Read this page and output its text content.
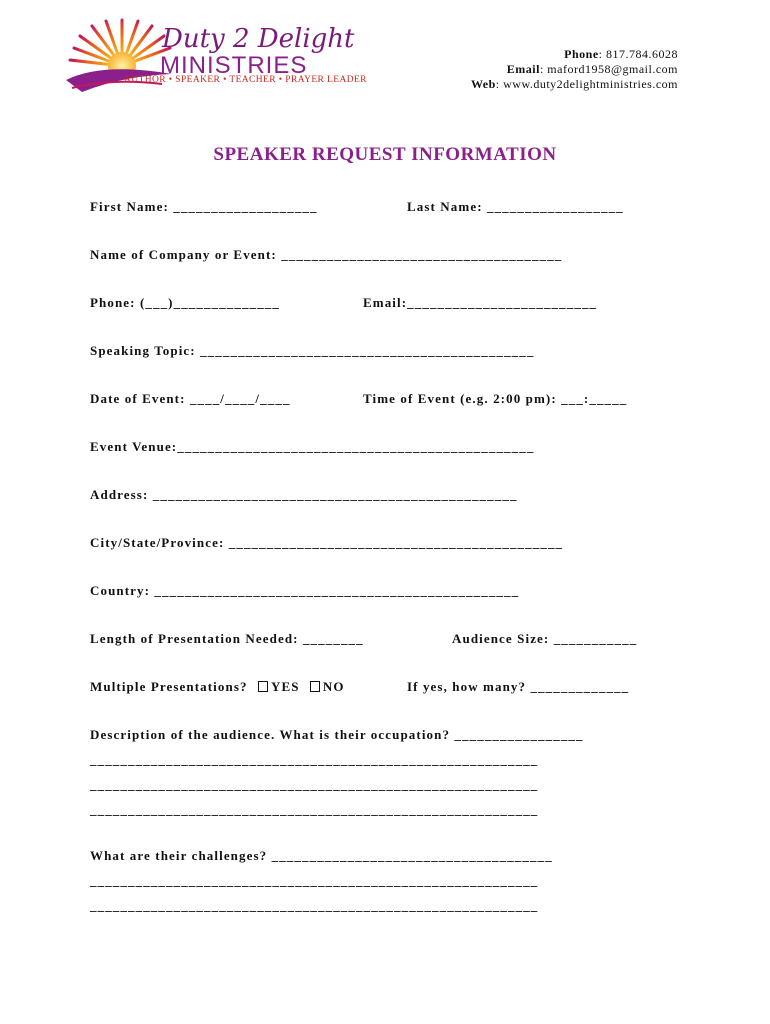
Duty 2 Delight
MINISTRIES
AUTHOR • SPEAKER • TEACHER • PRAYER LEADER
Phone: 817.784.6028
Email: maford1958@gmail.com
Web: www.duty2delightministries.com
SPEAKER REQUEST INFORMATION
First Name: ___________________	Last Name: __________________
Name of Company or Event: _____________________________________
Phone: (___)______________	Email:_________________________
Speaking Topic: ____________________________________________
Date of Event: ____/____/____	Time of Event (e.g. 2:00 pm): ___:_____
Event Venue:_______________________________________________
Address: ________________________________________________
City/State/Province: ____________________________________________
Country: ________________________________________________
Length of Presentation Needed: ________	Audience Size: ___________
Multiple Presentations? YES NO	If yes, how many? _____________
Description of the audience. What is their occupation? _________________
___________________________________________________________
___________________________________________________________
___________________________________________________________
What are their challenges? _____________________________________
___________________________________________________________
___________________________________________________________
